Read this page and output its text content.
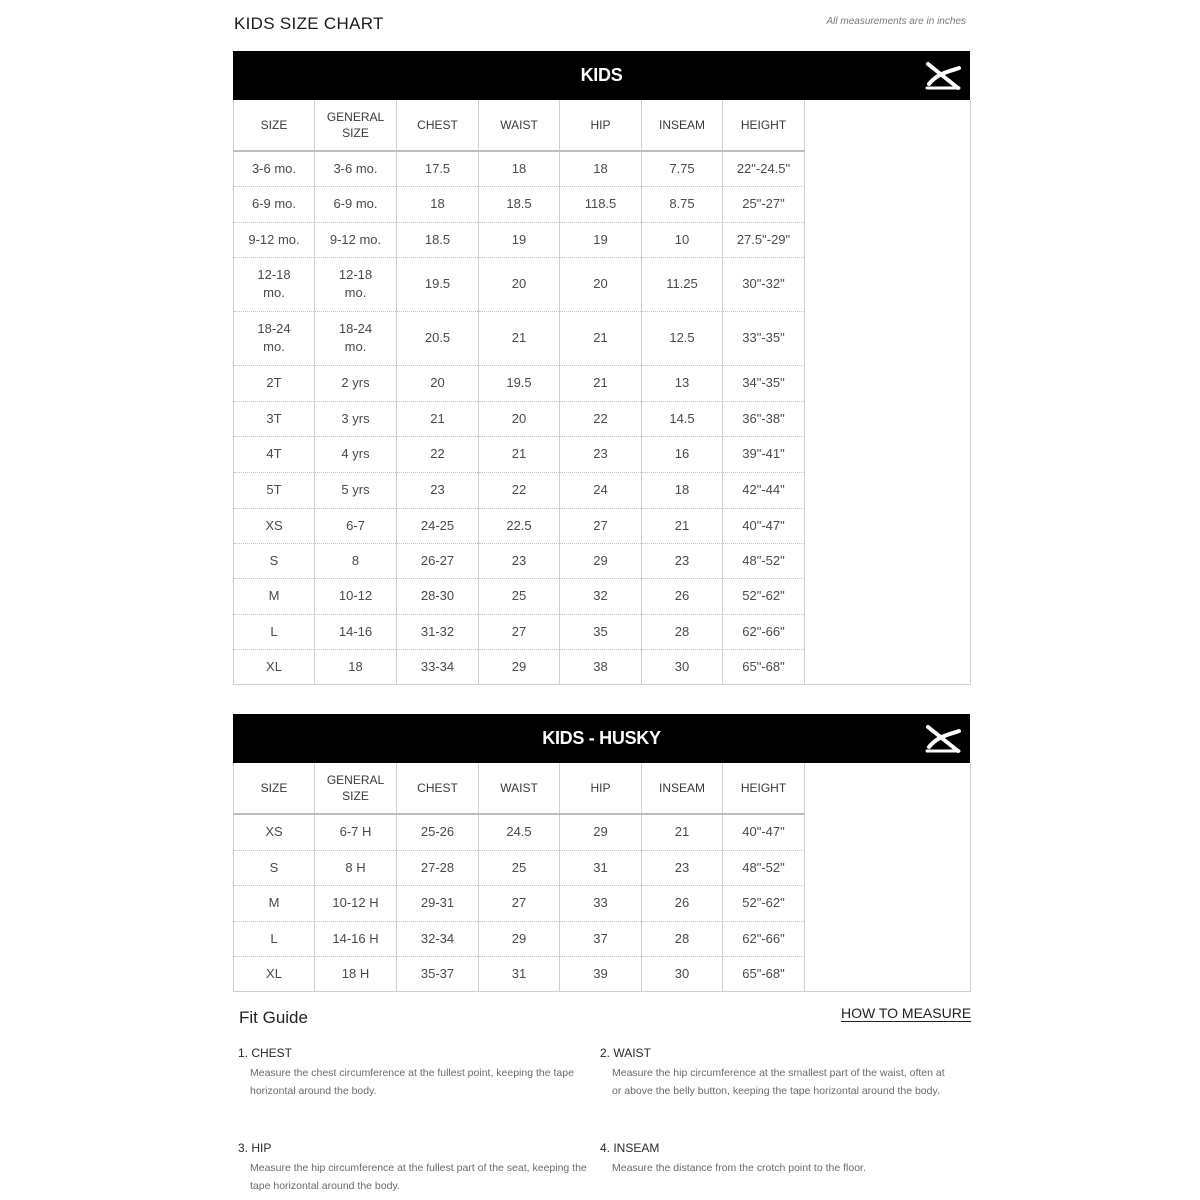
KIDS SIZE CHART	All measurements are in inches
KIDS
SIZE	GENERAL SIZE	CHEST	WAIST	HIP	INSEAM	HEIGHT	
3-6 mo.	3-6 mo.	17.5	18	18	7.75	22"-24.5"	
6-9 mo.	6-9 mo.	18	18.5	118.5	8.75	25"-27"	
9-12 mo.	9-12 mo.	18.5	19	19	10	27.5"-29"	
12-18 mo.	12-18 mo.	19.5	20	20	11.25	30"-32"	
18-24 mo.	18-24 mo.	20.5	21	21	12.5	33"-35"	
2T	2 yrs	20	19.5	21	13	34"-35"	
3T	3 yrs	21	20	22	14.5	36"-38"	
4T	4 yrs	22	21	23	16	39"-41"	
5T	5 yrs	23	22	24	18	42"-44"	
XS	6-7	24-25	22.5	27	21	40"-47"	
S	8	26-27	23	29	23	48"-52"	
M	10-12	28-30	25	32	26	52"-62"	
L	14-16	31-32	27	35	28	62"-66"	
XL	18	33-34	29	38	30	65"-68"	
KIDS - HUSKY
SIZE	GENERAL SIZE	CHEST	WAIST	HIP	INSEAM	HEIGHT	
XS	6-7 H	25-26	24.5	29	21	40"-47"	
S	8 H	27-28	25	31	23	48"-52"	
M	10-12 H	29-31	27	33	26	52"-62"	
L	14-16 H	32-34	29	37	28	62"-66"	
XL	18 H	35-37	31	39	30	65"-68"	
Fit Guide	HOW TO MEASURE
1. CHEST
Measure the chest circumference at the fullest point, keeping the tape horizontal around the body.
2. WAIST
Measure the hip circumference at the smallest part of the waist, often at or above the belly button, keeping the tape horizontal around the body.
3. HIP
Measure the hip circumference at the fullest part of the seat, keeping the tape horizontal around the body.
4. INSEAM
Measure the distance from the crotch point to the floor.
